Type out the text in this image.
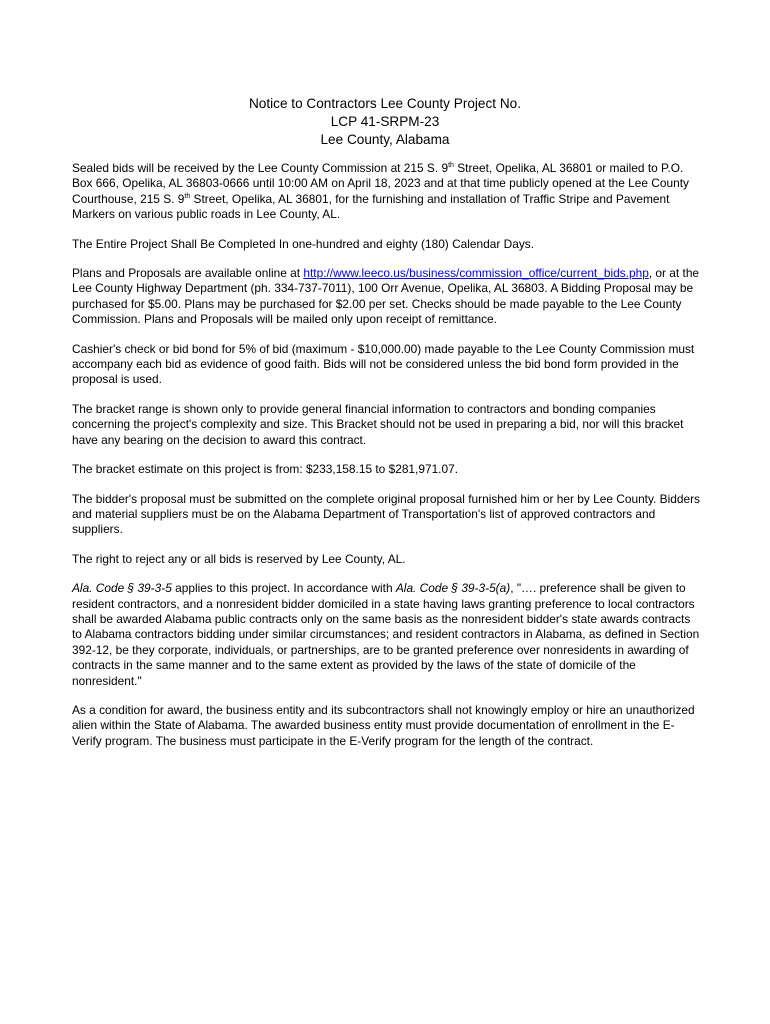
Notice to Contractors Lee County Project No.
LCP 41-SRPM-23
Lee County, Alabama

Sealed bids will be received by the Lee County Commission at 215 S. 9th Street, Opelika, AL 36801 or mailed to P.O. Box 666, Opelika, AL 36803-0666 until 10:00 AM on April 18, 2023 and at that time publicly opened at the Lee County Courthouse, 215 S. 9th Street, Opelika, AL 36801, for the furnishing and installation of Traffic Stripe and Pavement Markers on various public roads in Lee County, AL.

The Entire Project Shall Be Completed In one-hundred and eighty (180) Calendar Days.

Plans and Proposals are available online at http://www.leeco.us/business/commission_office/current_bids.php, or at the Lee County Highway Department (ph. 334-737-7011), 100 Orr Avenue, Opelika, AL 36803. A Bidding Proposal may be purchased for $5.00. Plans may be purchased for $2.00 per set. Checks should be made payable to the Lee County Commission. Plans and Proposals will be mailed only upon receipt of remittance.

Cashier's check or bid bond for 5% of bid (maximum - $10,000.00) made payable to the Lee County Commission must accompany each bid as evidence of good faith. Bids will not be considered unless the bid bond form provided in the proposal is used.

The bracket range is shown only to provide general financial information to contractors and bonding companies concerning the project's complexity and size. This Bracket should not be used in preparing a bid, nor will this bracket have any bearing on the decision to award this contract.

The bracket estimate on this project is from: $233,158.15 to $281,971.07.

The bidder's proposal must be submitted on the complete original proposal furnished him or her by Lee County. Bidders and material suppliers must be on the Alabama Department of Transportation's list of approved contractors and suppliers.

The right to reject any or all bids is reserved by Lee County, AL.

Ala. Code § 39-3-5 applies to this project. In accordance with Ala. Code § 39-3-5(a), "…. preference shall be given to resident contractors, and a nonresident bidder domiciled in a state having laws granting preference to local contractors shall be awarded Alabama public contracts only on the same basis as the nonresident bidder's state awards contracts to Alabama contractors bidding under similar circumstances; and resident contractors in Alabama, as defined in Section 392-12, be they corporate, individuals, or partnerships, are to be granted preference over nonresidents in awarding of contracts in the same manner and to the same extent as provided by the laws of the state of domicile of the nonresident."

As a condition for award, the business entity and its subcontractors shall not knowingly employ or hire an unauthorized alien within the State of Alabama. The awarded business entity must provide documentation of enrollment in the E-Verify program. The business must participate in the E-Verify program for the length of the contract.
